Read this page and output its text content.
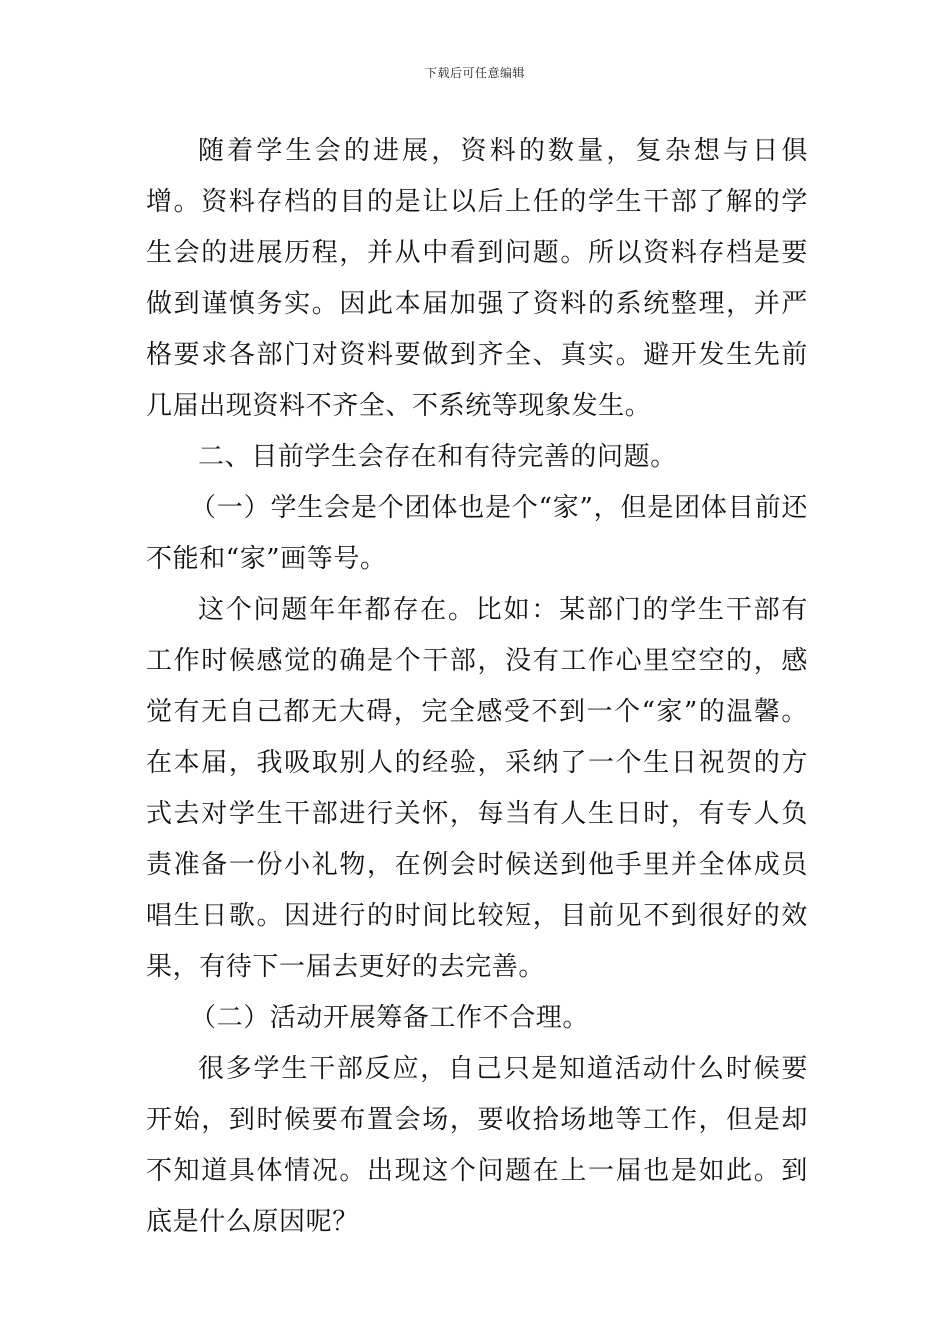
下载后可任意编辑

随着学生会的进展，资料的数量，复杂想与日俱增。资料存档的目的是让以后上任的学生干部了解的学生会的进展历程，并从中看到问题。所以资料存档是要做到谨慎务实。因此本届加强了资料的系统整理，并严格要求各部门对资料要做到齐全、真实。避开发生先前几届出现资料不齐全、不系统等现象发生。

二、目前学生会存在和有待完善的问题。

（一）学生会是个团体也是个“家”，但是团体目前还不能和“家”画等号。

这个问题年年都存在。比如：某部门的学生干部有工作时候感觉的确是个干部，没有工作心里空空的，感觉有无自己都无大碍，完全感受不到一个“家”的温馨。在本届，我吸取别人的经验，采纳了一个生日祝贺的方式去对学生干部进行关怀，每当有人生日时，有专人负责准备一份小礼物，在例会时候送到他手里并全体成员唱生日歌。因进行的时间比较短，目前见不到很好的效果，有待下一届去更好的去完善。

（二）活动开展筹备工作不合理。

很多学生干部反应，自己只是知道活动什么时候要开始，到时候要布置会场，要收拾场地等工作，但是却不知道具体情况。出现这个问题在上一届也是如此。到底是什么原因呢？
